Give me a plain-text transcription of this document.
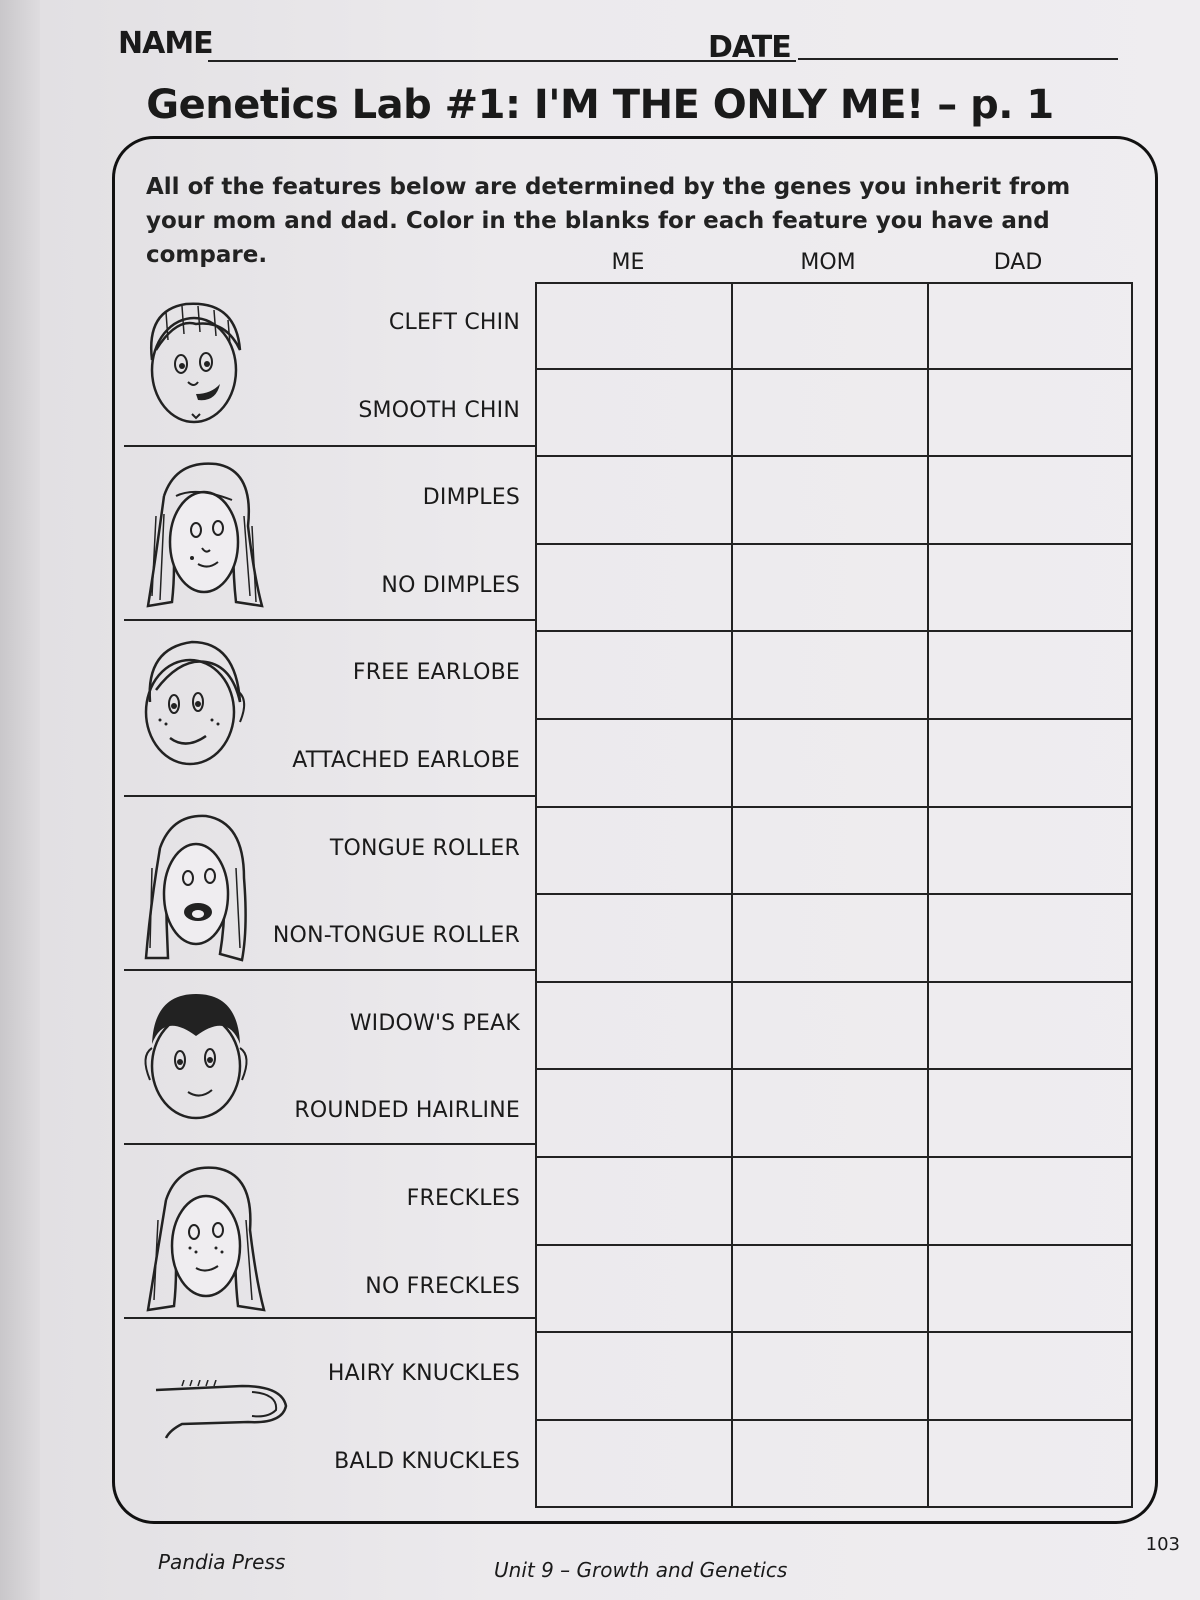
NAME	DATE
Genetics Lab #1: I'M THE ONLY ME! – p. 1
All of the features below are determined by the genes you inherit from your mom and dad. Color in the blanks for each feature you have and compare.	ME	MOM	DAD
CLEFT CHIN
SMOOTH CHIN
DIMPLES
NO DIMPLES
FREE EARLOBE
ATTACHED EARLOBE
TONGUE ROLLER
NON-TONGUE ROLLER
WIDOW'S PEAK
ROUNDED HAIRLINE
FRECKLES
NO FRECKLES
HAIRY KNUCKLES
BALD KNUCKLES
Pandia Press	Unit 9 – Growth and Genetics
103
